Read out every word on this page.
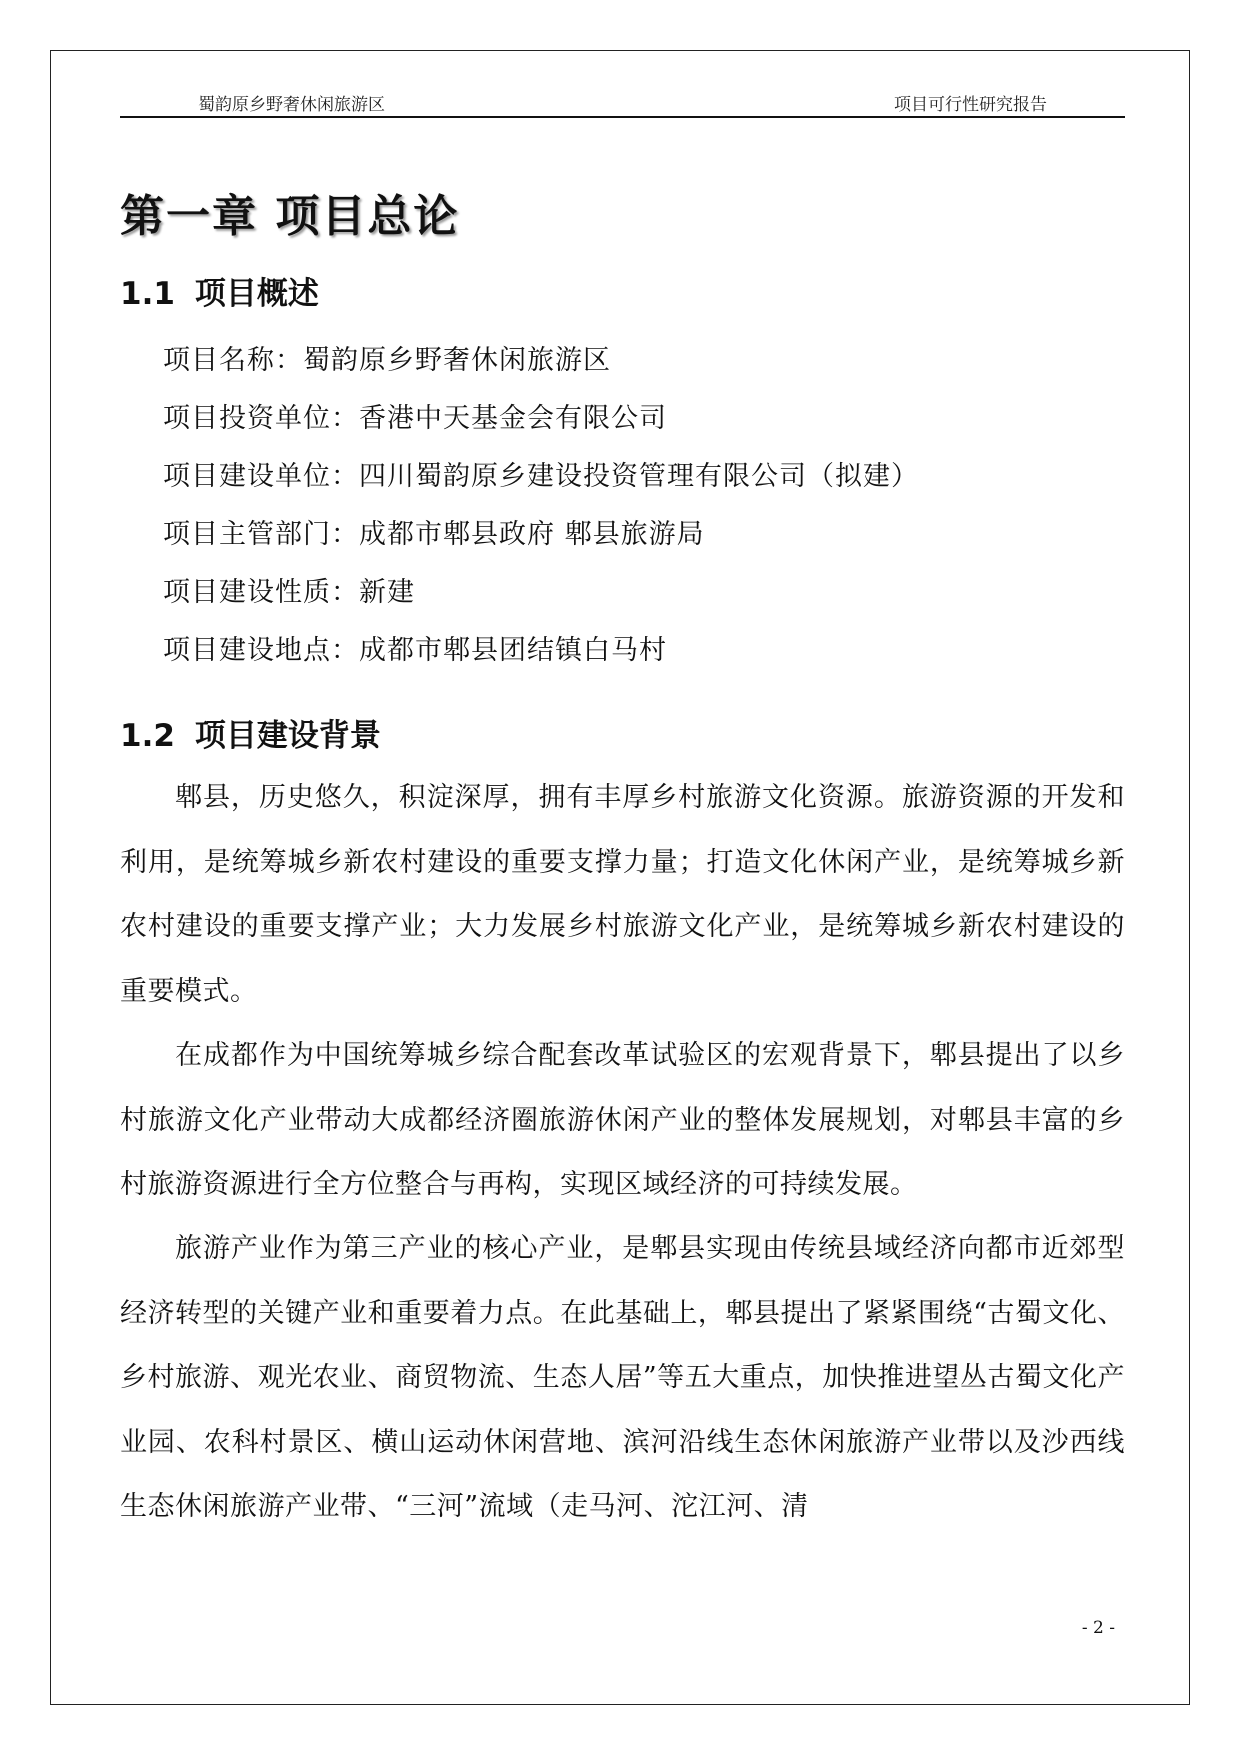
蜀韵原乡野奢休闲旅游区	项目可行性研究报告
第一章 项目总论
1.1 项目概述
项目名称：蜀韵原乡野奢休闲旅游区
项目投资单位：香港中天基金会有限公司
项目建设单位：四川蜀韵原乡建设投资管理有限公司（拟建）
项目主管部门：成都市郫县政府 郫县旅游局
项目建设性质：新建
项目建设地点：成都市郫县团结镇白马村
1.2 项目建设背景

郫县，历史悠久，积淀深厚，拥有丰厚乡村旅游文化资源。旅游资源的开发和利用，是统筹城乡新农村建设的重要支撑力量；打造文化休闲产业，是统筹城乡新农村建设的重要支撑产业；大力发展乡村旅游文化产业，是统筹城乡新农村建设的重要模式。

在成都作为中国统筹城乡综合配套改革试验区的宏观背景下，郫县提出了以乡村旅游文化产业带动大成都经济圈旅游休闲产业的整体发展规划，对郫县丰富的乡村旅游资源进行全方位整合与再构，实现区域经济的可持续发展。

旅游产业作为第三产业的核心产业，是郫县实现由传统县域经济向都市近郊型经济转型的关键产业和重要着力点。在此基础上，郫县提出了紧紧围绕“古蜀文化、乡村旅游、观光农业、商贸物流、生态人居”等五大重点，加快推进望丛古蜀文化产业园、农科村景区、横山运动休闲营地、滨河沿线生态休闲旅游产业带以及沙西线生态休闲旅游产业带、“三河”流域（走马河、沱江河、清

- 2 -
